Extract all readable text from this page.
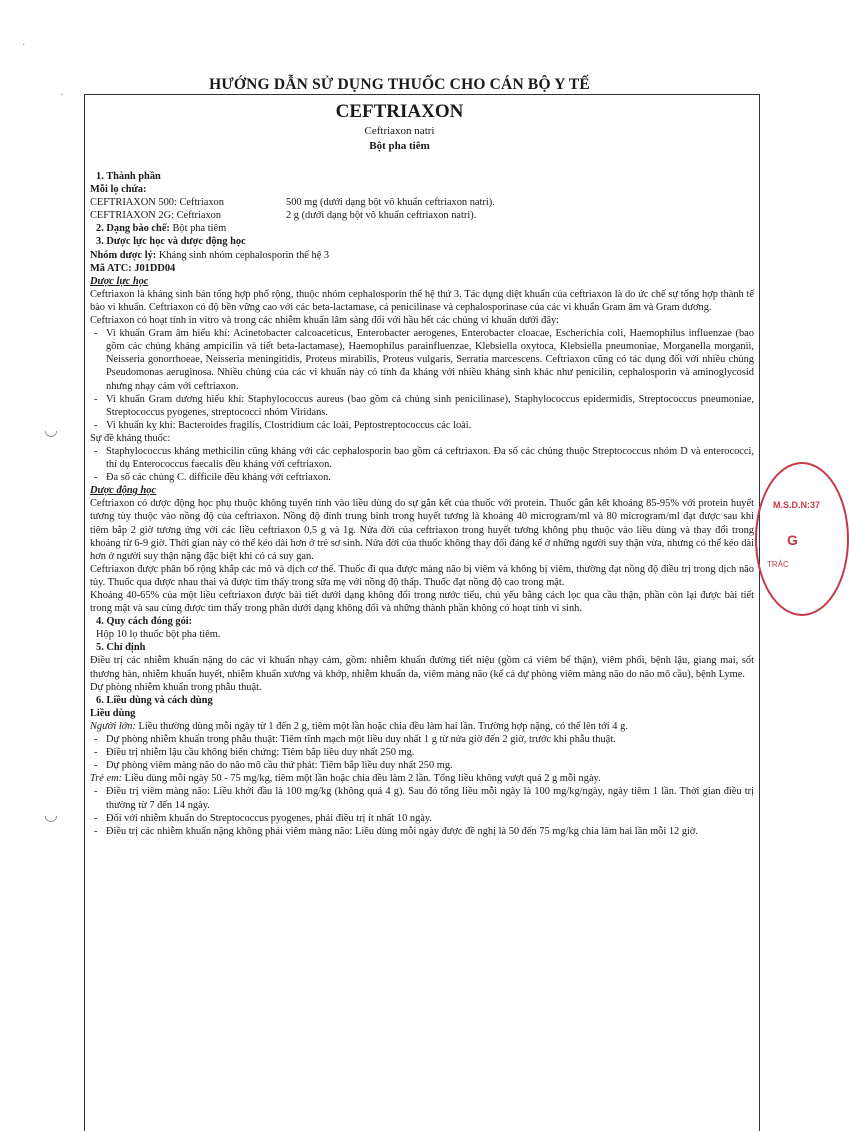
HƯỚNG DẪN SỬ DỤNG THUỐC CHO CÁN BỘ Y TẾ
CEFTRIAXON
Ceftriaxon natri
Bột pha tiêm
·
·
◡
◡
M.S.D.N:37
G
TRÁC

1. Thành phần

Mỗi lọ chứa:

CEFTRIAXON 500: Ceftriaxon	500 mg (dưới dạng bột vô khuẩn ceftriaxon natri).
CEFTRIAXON 2G: Ceftriaxon	2 g (dưới dạng bột vô khuẩn ceftriaxon natri).

2. Dạng bào chế: Bột pha tiêm

3. Dược lực học và dược động học

Nhóm dược lý: Kháng sinh nhóm cephalosporin thế hệ 3

Mã ATC: J01DD04

Dược lực học

Ceftriaxon là kháng sinh bán tổng hợp phổ rộng, thuộc nhóm cephalosporin thế hệ thứ 3. Tác dụng diệt khuẩn của ceftriaxon là do ức chế sự tổng hợp thành tế bào vi khuẩn. Ceftriaxon có độ bền vững cao với các beta-lactamase, cả penicilinase và cephalosporinase của các vi khuẩn Gram âm và Gram dương.

Ceftriaxon có hoạt tính in vitro và trong các nhiễm khuẩn lâm sàng đối với hầu hết các chủng vi khuẩn dưới đây:

- Vi khuẩn Gram âm hiếu khí: Acinetobacter calcoaceticus, Enterobacter aerogenes, Enterobacter cloacae, Escherichia coli, Haemophilus influenzae (bao gồm các chủng kháng ampicilin và tiết beta-lactamase), Haemophilus parainfluenzae, Klebsiella oxytoca, Klebsiella pneumoniae, Morganella morganii, Neisseria gonorrhoeae, Neisseria meningitidis, Proteus mirabilis, Proteus vulgaris, Serratia marcescens. Ceftriaxon cũng có tác dụng đối với nhiều chủng Pseudomonas aeruginosa. Nhiều chủng của các vi khuẩn này có tính đa kháng với nhiều kháng sinh khác như penicilin, cephalosporin và aminoglycosid nhưng nhạy cảm với ceftriaxon.
- Vi khuẩn Gram dương hiếu khí: Staphylococcus aureus (bao gồm cả chủng sinh penicilinase), Staphylococcus epidermidis, Streptococcus pneumoniae, Streptococcus pyogenes, streptococci nhóm Viridans.
- Vi khuẩn kỵ khí: Bacteroides fragilis, Clostridium các loài, Peptostreptococcus các loài.

Sự đề kháng thuốc:

- Staphylococcus kháng methicilin cũng kháng với các cephalosporin bao gồm cả ceftriaxon. Đa số các chủng thuộc Streptococcus nhóm D và enterococci, thí dụ Enterococcus faecalis đều kháng với ceftriaxon.
- Đa số các chủng C. difficile đều kháng với ceftriaxon.

Dược động học

Ceftriaxon có dược động học phụ thuộc không tuyến tính vào liều dùng do sự gắn kết của thuốc với protein. Thuốc gắn kết khoảng 85-95% với protein huyết tương tùy thuộc vào nồng độ của ceftriaxon. Nồng độ đỉnh trung bình trong huyết tương là khoảng 40 microgram/ml và 80 microgram/ml đạt được sau khi tiêm bắp 2 giờ tương ứng với các liều ceftriaxon 0,5 g và 1g. Nửa đời của ceftriaxon trong huyết tương không phụ thuộc vào liều dùng và thay đổi trong khoảng từ 6-9 giờ. Thời gian này có thể kéo dài hơn ở trẻ sơ sinh. Nửa đời của thuốc không thay đổi đáng kể ở những người suy thận vừa, nhưng có thể kéo dài hơn ở người suy thận nặng đặc biệt khi có cả suy gan.

Ceftriaxon được phân bố rộng khắp các mô và dịch cơ thể. Thuốc đi qua được màng não bị viêm và không bị viêm, thường đạt nồng độ điều trị trong dịch não tủy. Thuốc qua được nhau thai và được tìm thấy trong sữa mẹ với nồng độ thấp. Thuốc đạt nồng độ cao trong mật.

Khoảng 40-65% của một liều ceftriaxon được bài tiết dưới dạng không đổi trong nước tiểu, chủ yếu bằng cách lọc qua cầu thận, phần còn lại được bài tiết trong mật và sau cùng được tìm thấy trong phân dưới dạng không đổi và những thành phần không có hoạt tính vi sinh.

4. Quy cách đóng gói:

Hộp 10 lọ thuốc bột pha tiêm.

5. Chỉ định

Điều trị các nhiễm khuẩn nặng do các vi khuẩn nhạy cảm, gồm: nhiễm khuẩn đường tiết niệu (gồm cả viêm bể thận), viêm phổi, bệnh lậu, giang mai, sốt thương hàn, nhiễm khuẩn huyết, nhiễm khuẩn xương và khớp, nhiễm khuẩn da, viêm màng não (kể cả dự phòng viêm màng não do não mô cầu), bệnh Lyme.

Dự phòng nhiễm khuẩn trong phẫu thuật.

6. Liều dùng và cách dùng

Liều dùng

Người lớn: Liều thường dùng mỗi ngày từ 1 đến 2 g, tiêm một lần hoặc chia đều làm hai lần. Trường hợp nặng, có thể lên tới 4 g.

- Dự phòng nhiễm khuẩn trong phẫu thuật: Tiêm tĩnh mạch một liều duy nhất 1 g từ nửa giờ đến 2 giờ, trước khi phẫu thuật.
- Điều trị nhiễm lậu cầu không biến chứng: Tiêm bắp liều duy nhất 250 mg.
- Dự phòng viêm màng não do não mô cầu thứ phát: Tiêm bắp liều duy nhất 250 mg.

Trẻ em: Liều dùng mỗi ngày 50 - 75 mg/kg, tiêm một lần hoặc chia đều làm 2 lần. Tổng liều không vượt quá 2 g mỗi ngày.

- Điều trị viêm màng não: Liều khởi đầu là 100 mg/kg (không quá 4 g). Sau đó tổng liều mỗi ngày là 100 mg/kg/ngày, ngày tiêm 1 lần. Thời gian điều trị thường từ 7 đến 14 ngày.
- Đối với nhiễm khuẩn do Streptococcus pyogenes, phải điều trị ít nhất 10 ngày.
- Điều trị các nhiễm khuẩn nặng không phải viêm màng não: Liều dùng mỗi ngày được đề nghị là 50 đến 75 mg/kg chia làm hai lần mỗi 12 giờ.
